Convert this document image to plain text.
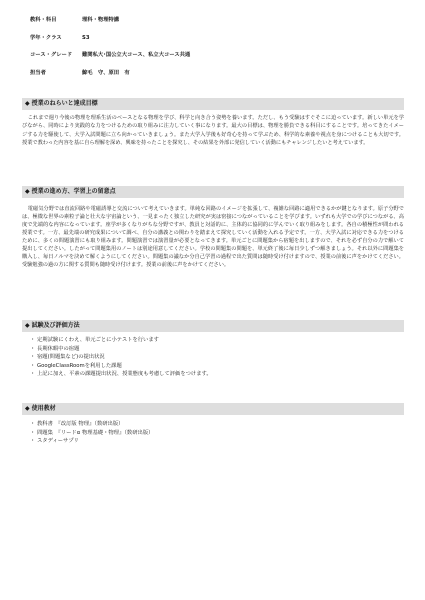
教科・科目	理科・物理特講
学年・クラス	S3
コース・グレード 難関私大･国公立大コース、私立大コース共通
担当者	鯨毛　守、原田　有
◆ 授業のねらいと達成目標

これまで週り今後の物理を理系生活のベースとなる物理を学び、科学と向き合う姿勢を養います。ただし、もう受験はすぐそこに迫っています。新しい単元を学びながら、同時により実践的な力をつけるための取り組みに注力していく事になります。最大の目標は、物理を勝負できる科目にすることです。培ってきたイメージする力を駆使して、大学入試問題に立ち向かっていきましょう。また大学入学後も好奇心を持って学ぶため、科学的な素養や視点を身につけることも大切です。授業で教わった内容を基に自ら理解を深め、興味を持ったことを探究し、その結果を外部に発信していく活動にもチャレンジしたいと考えています。

◆ 授業の進め方、学習上の留意点

電磁気分野では直流回路や電磁誘導と交流について考えていきます。単純な回路のイメージを拡張して、複雑な回路に適用できるかが鍵となります。原子分野では、極微な世界の素粒子論と壮大な宇宙論という、一見まったく独立した研究が実は密接につながっていることを学びます。いずれも大学での学びにつながる、高度で先端的な内容になっています。座学が多くなりがちな分野ですが、教員と対話的に、主体的に協同的に学んでいく取り組みをします。各自の積極性が問われる授業です。一方、最先端の研究成果について調べ、自分の講義との関わりを踏まえて探究していく活動を入れる予定です。一方、大学入試に対応できる力をつけるために、多くの問題演習にも取り組みます。問題演習では演習量が必要となってきます。単元ごとに問題集から宿題を出しますので、それを必ず自分の力で解いて提出してください。したがって問題集用のノートは別途用意してください。学校の問題集の問題を、単元終了後に毎日少しずつ解きましょう。それ以外に問題集を購入し、毎日ノルマを決めて解くようにしてください。問題集の議なか分自己学習の過程で出た質問は随時受け付けますので、授業の前後に声をかけてください。受験勉強の過の方に関する質問も随時受け付けます。授業の前後に声をかけてください。

◆ 試験及び評価方法
・ 定期試験にくわえ、単元ごとに小テストを行います
・ 長期休暇中の宿題
・ 宿題(問題集など)の提出状況
・ GoogleClassRoomを利用した課題
・ 上記に加え、平素の課題提出状況、授業態度も考慮して評価をつけます。
◆ 使用教材
・ 教科書　『改訂版 物理』（数研出版）
・ 問題集　『リードα 物理基礎・物理』（数研出版）
・ スタディーサプリ
